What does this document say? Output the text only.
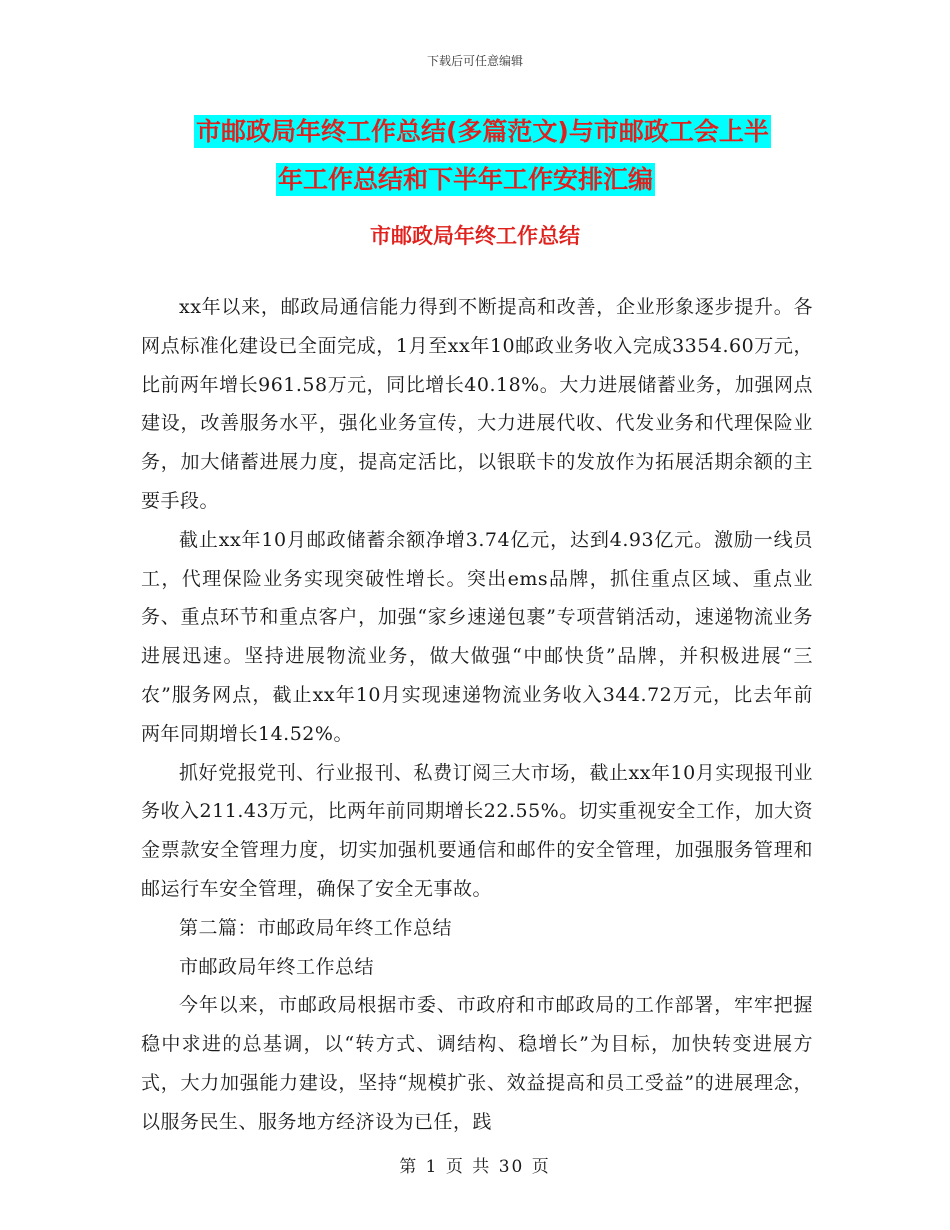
下载后可任意编辑
市邮政局年终工作总结(多篇范文)与市邮政工会上半
年工作总结和下半年工作安排汇编
市邮政局年终工作总结

xx年以来，邮政局通信能力得到不断提高和改善，企业形象逐步提升。各网点标准化建设已全面完成，1月至xx年10邮政业务收入完成3354.60万元，比前两年增长961.58万元，同比增长40.18%。大力进展储蓄业务，加强网点建设，改善服务水平，强化业务宣传，大力进展代收、代发业务和代理保险业务，加大储蓄进展力度，提高定活比，以银联卡的发放作为拓展活期余额的主要手段。

截止xx年10月邮政储蓄余额净增3.74亿元，达到4.93亿元。激励一线员工，代理保险业务实现突破性增长。突出ems品牌，抓住重点区域、重点业务、重点环节和重点客户，加强“家乡速递包裹”专项营销活动，速递物流业务进展迅速。坚持进展物流业务，做大做强“中邮快货”品牌，并积极进展“三农”服务网点，截止xx年10月实现速递物流业务收入344.72万元，比去年前两年同期增长14.52%。

抓好党报党刊、行业报刊、私费订阅三大市场，截止xx年10月实现报刊业务收入211.43万元，比两年前同期增长22.55%。切实重视安全工作，加大资金票款安全管理力度，切实加强机要通信和邮件的安全管理，加强服务管理和邮运行车安全管理，确保了安全无事故。

第二篇：市邮政局年终工作总结

市邮政局年终工作总结

今年以来，市邮政局根据市委、市政府和市邮政局的工作部署，牢牢把握稳中求进的总基调，以“转方式、调结构、稳增长”为目标，加快转变进展方式，大力加强能力建设，坚持“规模扩张、效益提高和员工受益”的进展理念，以服务民生、服务地方经济设为已任，践

第 1 页 共 30 页
